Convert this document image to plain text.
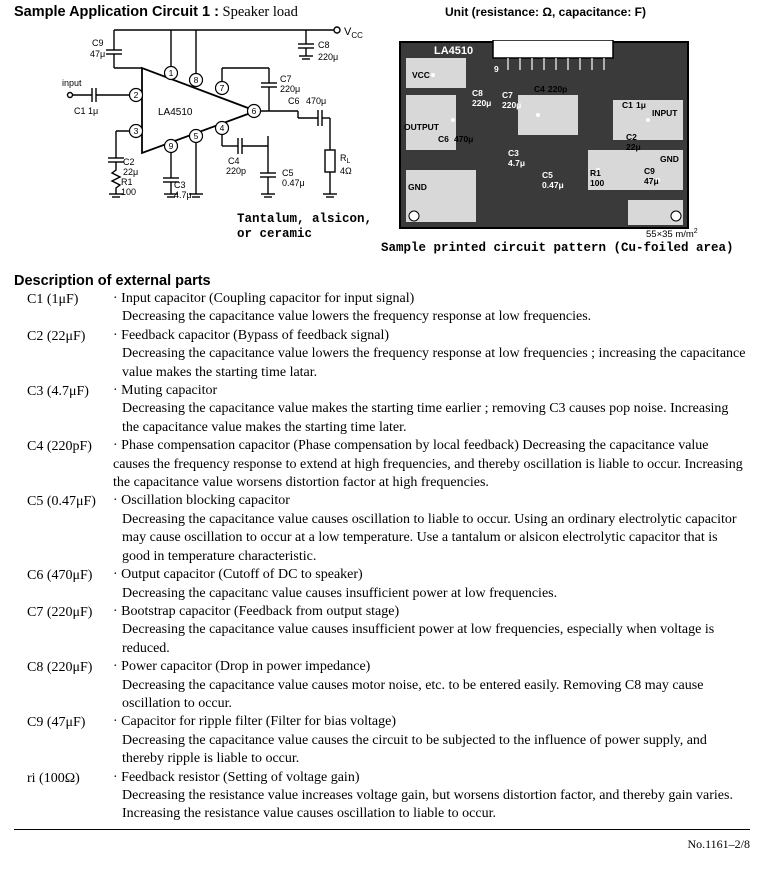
Sample Application Circuit 1 : Speaker load
1
2
3	4
5
6
7
8
9
LA4510
$V_{CC}$
input
C9
47μ
C1 1μ
C2
22μ
R1
100
C3
4.7μ
C8
220μ
C7
220μ
C6 470μ
C4
220p	C5
0.47μ
$R_L$
4Ω
Tantalum, alsicon,
or ceramic
Unit (resistance: Ω, capacitance: F)
LA4510
9
VCC
OUTPUT
GND
INPUT
GND
C8
220μ
C7
220μ
C4 220p
C6 470μ
C3
4.7μ
C5
0.47μ
R1
100
C1 1μ
C2
22μ
C9
47μ
55×35 $m/m^2$
Sample printed circuit pattern (Cu-foiled area)
Description of external parts
C1 (1μF) · Input capacitor (Coupling capacitor for input signal)
Decreasing the capacitance value lowers the frequency response at low frequencies.
C2 (22μF) · Feedback capacitor (Bypass of feedback signal)
Decreasing the capacitance value lowers the frequency response at low frequencies ; increasing the capacitance value makes the starting time latar.
C3 (4.7μF) · Muting capacitor
Decreasing the capacitance value makes the starting time earlier ; removing C3 causes pop noise. Increasing the capacitance value makes the starting time later.
C4 (220pF) · Phase compensation capacitor (Phase compensation by local feedback) Decreasing the capacitance value causes the frequency response to extend at high frequencies, and thereby oscillation is liable to occur. Increasing the capacitance value worsens distortion factor at high frequencies.
C5 (0.47μF) · Oscillation blocking capacitor
Decreasing the capacitance value causes oscillation to liable to occur. Using an ordinary electrolytic capacitor may cause oscillation to occur at a low temperature. Use a tantalum or alsicon electrolytic capacitor that is good in temperature characteristic.
C6 (470μF) · Output capacitor (Cutoff of DC to speaker)
Decreasing the capacitanc value causes insufficient power at low frequencies.
C7 (220μF) · Bootstrap capacitor (Feedback from output stage)
Decreasing the capacitance value causes insufficient power at low frequencies, especially when voltage is reduced.
C8 (220μF) · Power capacitor (Drop in power impedance)
Decreasing the capacitance value causes motor noise, etc. to be entered easily. Removing C8 may cause oscillation to occur.
C9 (47μF) · Capacitor for ripple filter (Filter for bias voltage)
Decreasing the capacitance value causes the circuit to be subjected to the influence of power supply, and thereby ripple is liable to occur.
ri (100Ω) · Feedback resistor (Setting of voltage gain)
Decreasing the resistance value increases voltage gain, but worsens distortion factor, and thereby gain varies. Increasing the resistance value causes oscillation to liable to occur.
No.1161–2/8
